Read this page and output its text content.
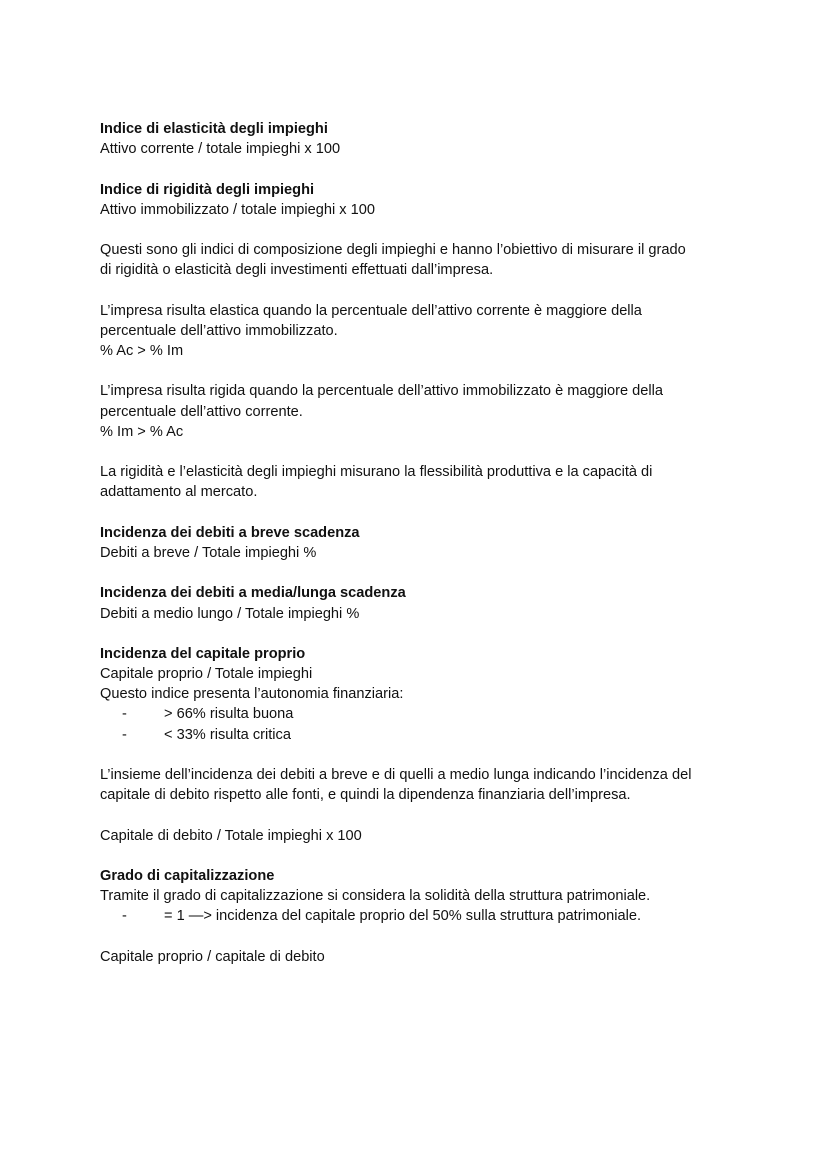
Indice di elasticità degli impieghi
Attivo corrente / totale impieghi x 100
Indice di rigidità degli impieghi
Attivo immobilizzato / totale impieghi x 100
Questi sono gli indici di composizione degli impieghi e hanno l’obiettivo di misurare il grado
di rigidità o elasticità degli investimenti effettuati dall’impresa.
L’impresa risulta elastica quando la percentuale dell’attivo corrente è maggiore della
percentuale dell’attivo immobilizzato.
% Ac > % Im
L’impresa risulta rigida quando la percentuale dell’attivo immobilizzato è maggiore della
percentuale dell’attivo corrente.
% Im > % Ac
La rigidità e l’elasticità degli impieghi misurano la flessibilità produttiva e la capacità di
adattamento al mercato.
Incidenza dei debiti a breve scadenza
Debiti a breve / Totale impieghi %
Incidenza dei debiti a media/lunga scadenza
Debiti a medio lungo / Totale impieghi %
Incidenza del capitale proprio
Capitale proprio / Totale impieghi
Questo indice presenta l’autonomia finanziaria:
-	> 66% risulta buona
-	< 33% risulta critica
L’insieme dell’incidenza dei debiti a breve e di quelli a medio lunga indicando l’incidenza del
capitale di debito rispetto alle fonti, e quindi la dipendenza finanziaria dell’impresa.
Capitale di debito / Totale impieghi x 100
Grado di capitalizzazione
Tramite il grado di capitalizzazione si considera la solidità della struttura patrimoniale.
-	= 1 —> incidenza del capitale proprio del 50% sulla struttura patrimoniale.
Capitale proprio / capitale di debito
